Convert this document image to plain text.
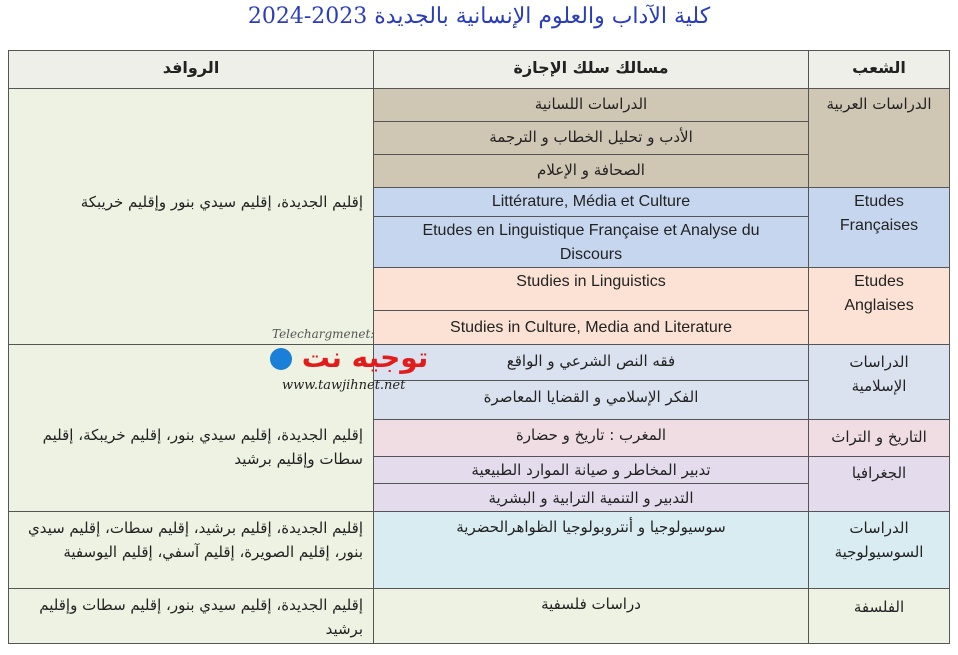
كلية الآداب والعلوم الإنسانية بالجديدة 2023-2024
الروافد	مسالك سلك الإجازة	الشعب
إقليم الجديدة، إقليم سيدي بنور وإقليم خريبكة
إقليم الجديدة، إقليم سيدي بنور، إقليم خريبكة، إقليم سطات وإقليم برشيد
إقليم الجديدة، إقليم برشيد، إقليم سطات، إقليم سيدي بنور، إقليم الصويرة، إقليم آسفي، إقليم اليوسفية
إقليم الجديدة، إقليم سيدي بنور، إقليم سطات وإقليم برشيد
الدراسات اللسانية
الأدب و تحليل الخطاب و الترجمة
الصحافة و الإعلام
Littérature, Média et Culture
Etudes en Linguistique Française et Analyse du Discours
Studies in Linguistics
Studies in Culture, Media and Literature
فقه النص الشرعي و الواقع
الفكر الإسلامي و القضايا المعاصرة
المغرب : تاريخ و حضارة
تدبير المخاطر و صيانة الموارد الطبيعية
التدبير و التنمية الترابية و البشرية
سوسيولوجيا و أنتروبولوجيا الظواهرالحضرية
دراسات فلسفية
الدراسات العربية
Etudes Françaises
Etudes Anglaises
الدراسات الإسلامية
التاريخ و التراث
الجغرافيا
الدراسات السوسيولوجية
الفلسفة
Telechargmenet:
توجيه نت
www.tawjihnet.net
